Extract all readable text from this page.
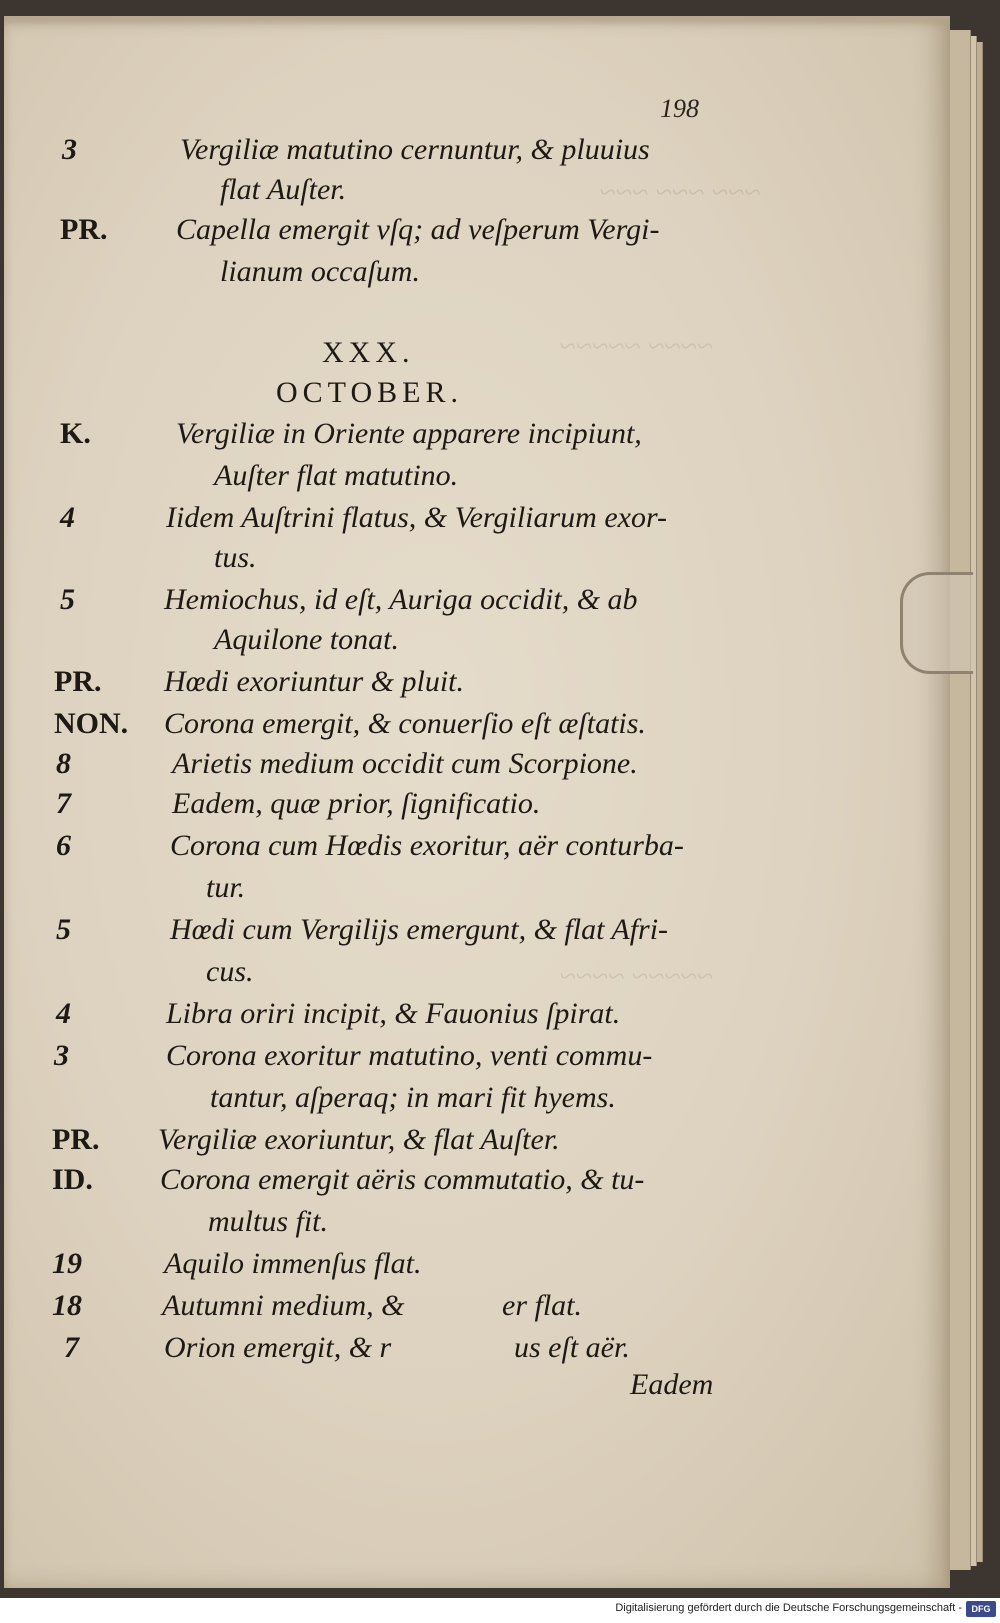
~~~ ~~~ ~~~
~~~~ ~~~~~
~~~~~ ~~~~
198
3	Vergiliæ matutino cernuntur, & pluuius
flat Auſter.
PR. Capella emergit vſq; ad veſperum Vergi-
lianum occaſum.
XXX.
OCTOBER.
K.	Vergiliæ in Oriente apparere incipiunt,
Auſter flat matutino.
4	Iidem Auſtrini flatus, & Vergiliarum exor-
tus.
5	Hemiochus, id eſt, Auriga occidit, & ab
Aquilone tonat.
PR. Hœdi exoriuntur & pluit.
NON. Corona emergit, & conuerſio eſt æſtatis.
8	Arietis medium occidit cum Scorpione.
7	Eadem, quæ prior, ſignificatio.
6	Corona cum Hœdis exoritur, aër conturba-
tur.
5	Hœdi cum Vergiliјs emergunt, & flat Afri-
cus.
4	Libra oriri incipit, & Fauonius ſpirat.
3	Corona exoritur matutino, venti commu-
tantur, aſperaq; in mari fit hyems.
PR. Vergiliæ exoriuntur, & flat Auſter.
ID. Corona emergit aëris commutatio, & tu-
multus fit.
19	Aquilo immenſus flat.
18	Autumni medium, &	er flat.
7	Orion emergit, & r	us eſt aër.
Eadem
Digitalisierung gefördert durch die Deutsche Forschungsgemeinschaft -	DFG
